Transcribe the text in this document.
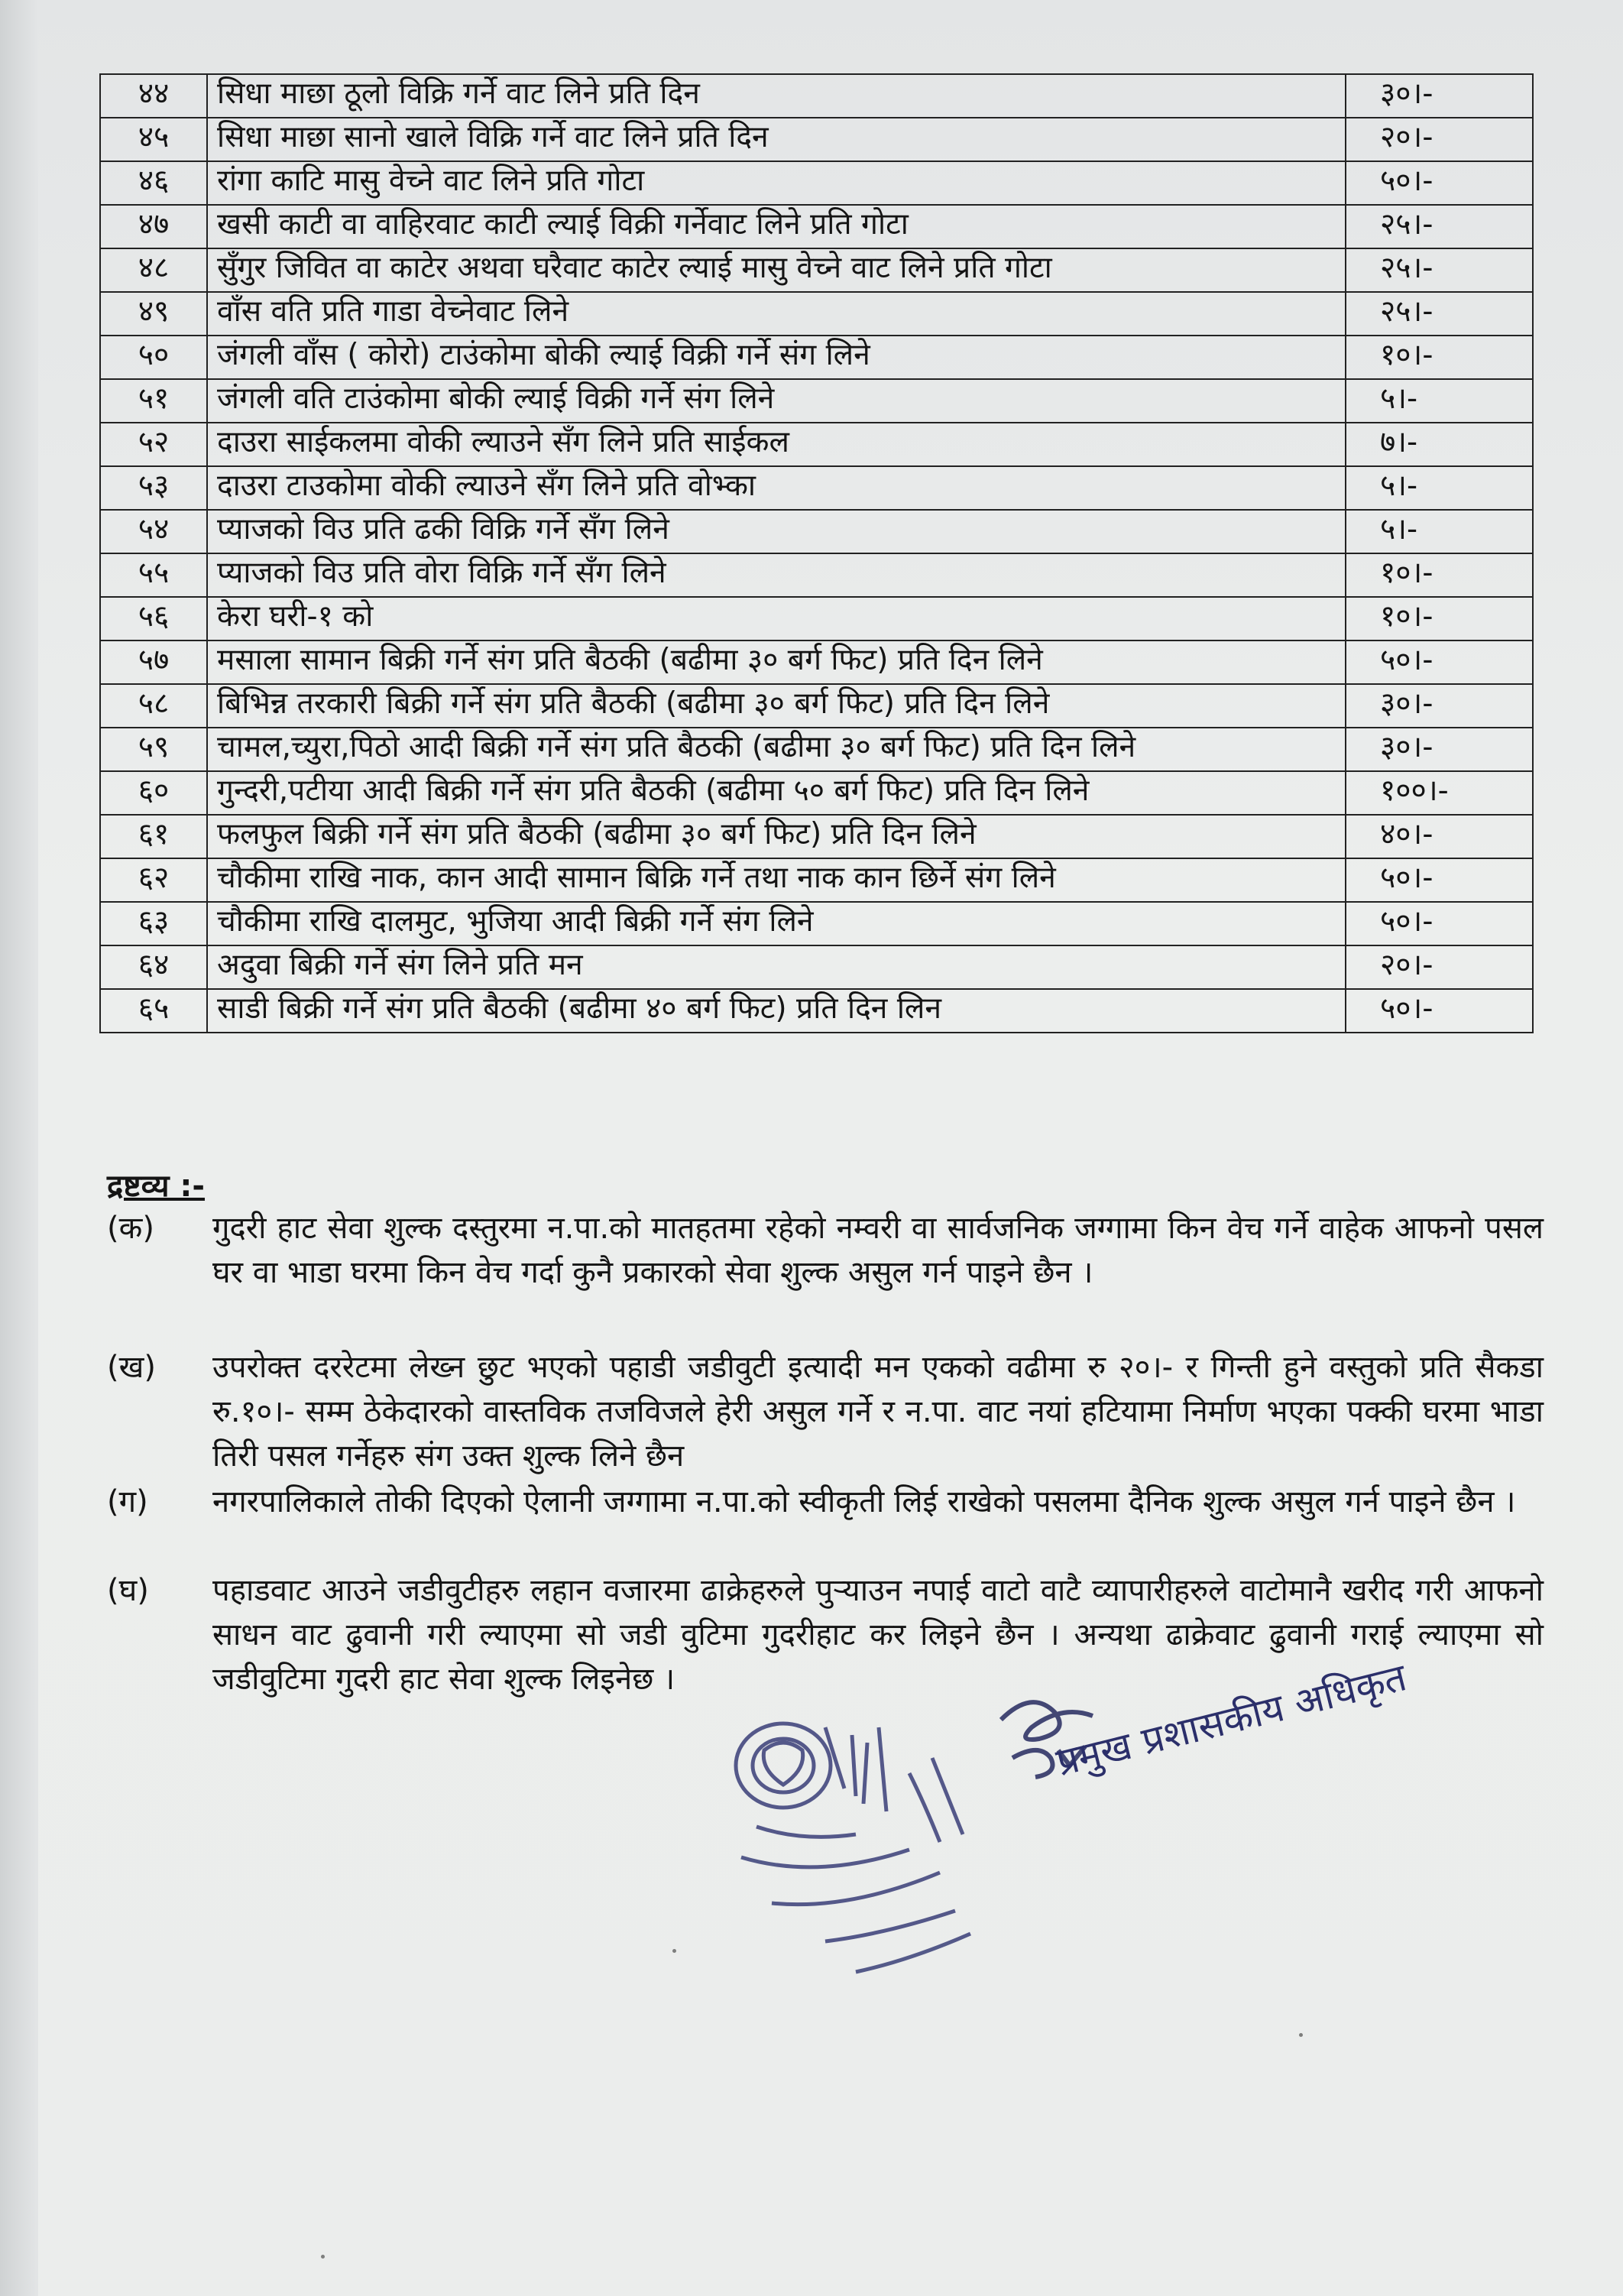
४४	सिधा माछा ठूलो विक्रि गर्ने वाट लिने प्रति दिन	३०।-
४५	सिधा माछा सानो खाले विक्रि गर्ने वाट लिने प्रति दिन	२०।-
४६	रांगा काटि मासु वेच्ने वाट लिने प्रति गोटा	५०।-
४७	खसी काटी वा वाहिरवाट काटी ल्याई विक्री गर्नेवाट लिने प्रति गोटा	२५।-
४८	सुँगुर जिवित वा काटेर अथवा घरैवाट काटेर ल्याई मासु वेच्ने वाट लिने प्रति गोटा	२५।-
४९	वाँस वति प्रति गाडा वेच्नेवाट लिने	२५।-
५०	जंगली वाँस ( कोरो) टाउंकोमा बोकी ल्याई विक्री गर्ने संग लिने	१०।-
५१	जंगली वति टाउंकोमा बोकी ल्याई विक्री गर्ने संग लिने	५।-
५२	दाउरा साईकलमा वोकी ल्याउने सँग लिने प्रति साईकल	७।-
५३	दाउरा टाउकोमा वोकी ल्याउने सँग लिने प्रति वोभ्का	५।-
५४	प्याजको विउ प्रति ढकी विक्रि गर्ने सँग लिने	५।-
५५	प्याजको विउ प्रति वोरा विक्रि गर्ने सँग लिने	१०।-
५६	केरा घरी-१ को	१०।-
५७	मसाला सामान बिक्री गर्ने संग प्रति बैठकी (बढीमा ३० बर्ग फिट) प्रति दिन लिने	५०।-
५८	बिभिन्न तरकारी बिक्री गर्ने संग प्रति बैठकी (बढीमा ३० बर्ग फिट) प्रति दिन लिने	३०।-
५९	चामल,च्युरा,पिठो आदी बिक्री गर्ने संग प्रति बैठकी (बढीमा ३० बर्ग फिट) प्रति दिन लिने	३०।-
६०	गुन्दरी,पटीया आदी बिक्री गर्ने संग प्रति बैठकी (बढीमा ५० बर्ग फिट) प्रति दिन लिने	१००।-
६१	फलफुल बिक्री गर्ने संग प्रति बैठकी (बढीमा ३० बर्ग फिट) प्रति दिन लिने	४०।-
६२	चौकीमा राखि नाक, कान आदी सामान बिक्रि गर्ने तथा नाक कान छिर्ने संग लिने	५०।-
६३	चौकीमा राखि दालमुट, भुजिया आदी बिक्री गर्ने संग लिने	५०।-
६४	अदुवा बिक्री गर्ने संग लिने प्रति मन	२०।-
६५	साडी बिक्री गर्ने संग प्रति बैठकी (बढीमा ४० बर्ग फिट) प्रति दिन लिन	५०।-
द्रष्टव्य :-
(क)	गुदरी हाट सेवा शुल्क दस्तुरमा न.पा.को मातहतमा रहेको नम्वरी वा सार्वजनिक जग्गामा किन वेच गर्ने वाहेक आफनो पसल घर वा भाडा घरमा किन वेच गर्दा कुनै प्रकारको सेवा शुल्क असुल गर्न पाइने छैन ।
(ख)	उपरोक्त दररेटमा लेख्न छुट भएको पहाडी जडीवुटी इत्यादी मन एकको वढीमा रु २०।- र गिन्ती हुने वस्तुको प्रति सैकडा रु.१०।- सम्म ठेकेदारको वास्तविक तजविजले हेरी असुल गर्ने र न.पा. वाट नयां हटियामा निर्माण भएका पक्की घरमा भाडा तिरी पसल गर्नेहरु संग उक्त शुल्क लिने छैन
(ग)	नगरपालिकाले तोकी दिएको ऐलानी जग्गामा न.पा.को स्वीकृती लिई राखेको पसलमा दैनिक शुल्क असुल गर्न पाइने छैन ।
(घ)	पहाडवाट आउने जडीवुटीहरु लहान वजारमा ढाक्रेहरुले पुऱ्याउन नपाई वाटो वाटै व्यापारीहरुले वाटोमानै खरीद गरी आफनो साधन वाट ढुवानी गरी ल्याएमा सो जडी वुटिमा गुदरीहाट कर लिइने छैन । अन्यथा ढाक्रेवाट ढुवानी गराई ल्याएमा सो जडीवुटिमा गुदरी हाट सेवा शुल्क लिइनेछ ।	प्रमुख प्रशासकीय अधिकृत
